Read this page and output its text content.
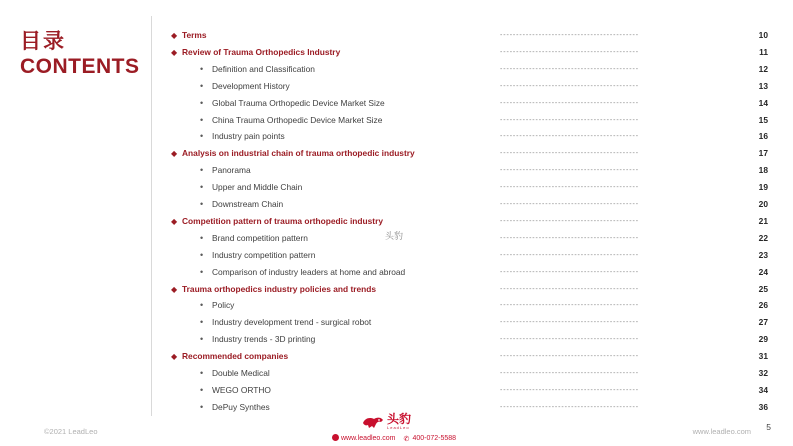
目录
CONTENTS
◆ Terms	-------------------------------------------	10
◆ Review of Trauma Orthopedics Industry	-------------------------------------------	11
• Definition and Classification	-------------------------------------------	12
• Development History	-------------------------------------------	13
• Global Trauma Orthopedic Device Market Size	-------------------------------------------	14
• China Trauma Orthopedic Device Market Size	-------------------------------------------	15
• Industry pain points	-------------------------------------------	16
◆ Analysis on industrial chain of trauma orthopedic industry	-------------------------------------------	17
• Panorama	-------------------------------------------	18
• Upper and Middle Chain	-------------------------------------------	19
• Downstream Chain	-------------------------------------------	20
◆ Competition pattern of trauma orthopedic industry	-------------------------------------------	21
• Brand competition pattern	-------------------------------------------	22
• Industry competition pattern	-------------------------------------------	23
• Comparison of industry leaders at home and abroad	-------------------------------------------	24
◆ Trauma orthopedics industry policies and trends	-------------------------------------------	25
• Policy	-------------------------------------------	26
• Industry development trend - surgical robot	-------------------------------------------	27
• Industry trends - 3D printing	-------------------------------------------	29
◆ Recommended companies	-------------------------------------------	31
• Double Medical	-------------------------------------------	32
• WEGO ORTHO	-------------------------------------------	34
• DePuy Synthes	-------------------------------------------	36
头豹
©2021 LeadLeo	www.leadleo.com 5
头豹
LeadLeo
www.leadleo.com ✆ 400-072-5588
